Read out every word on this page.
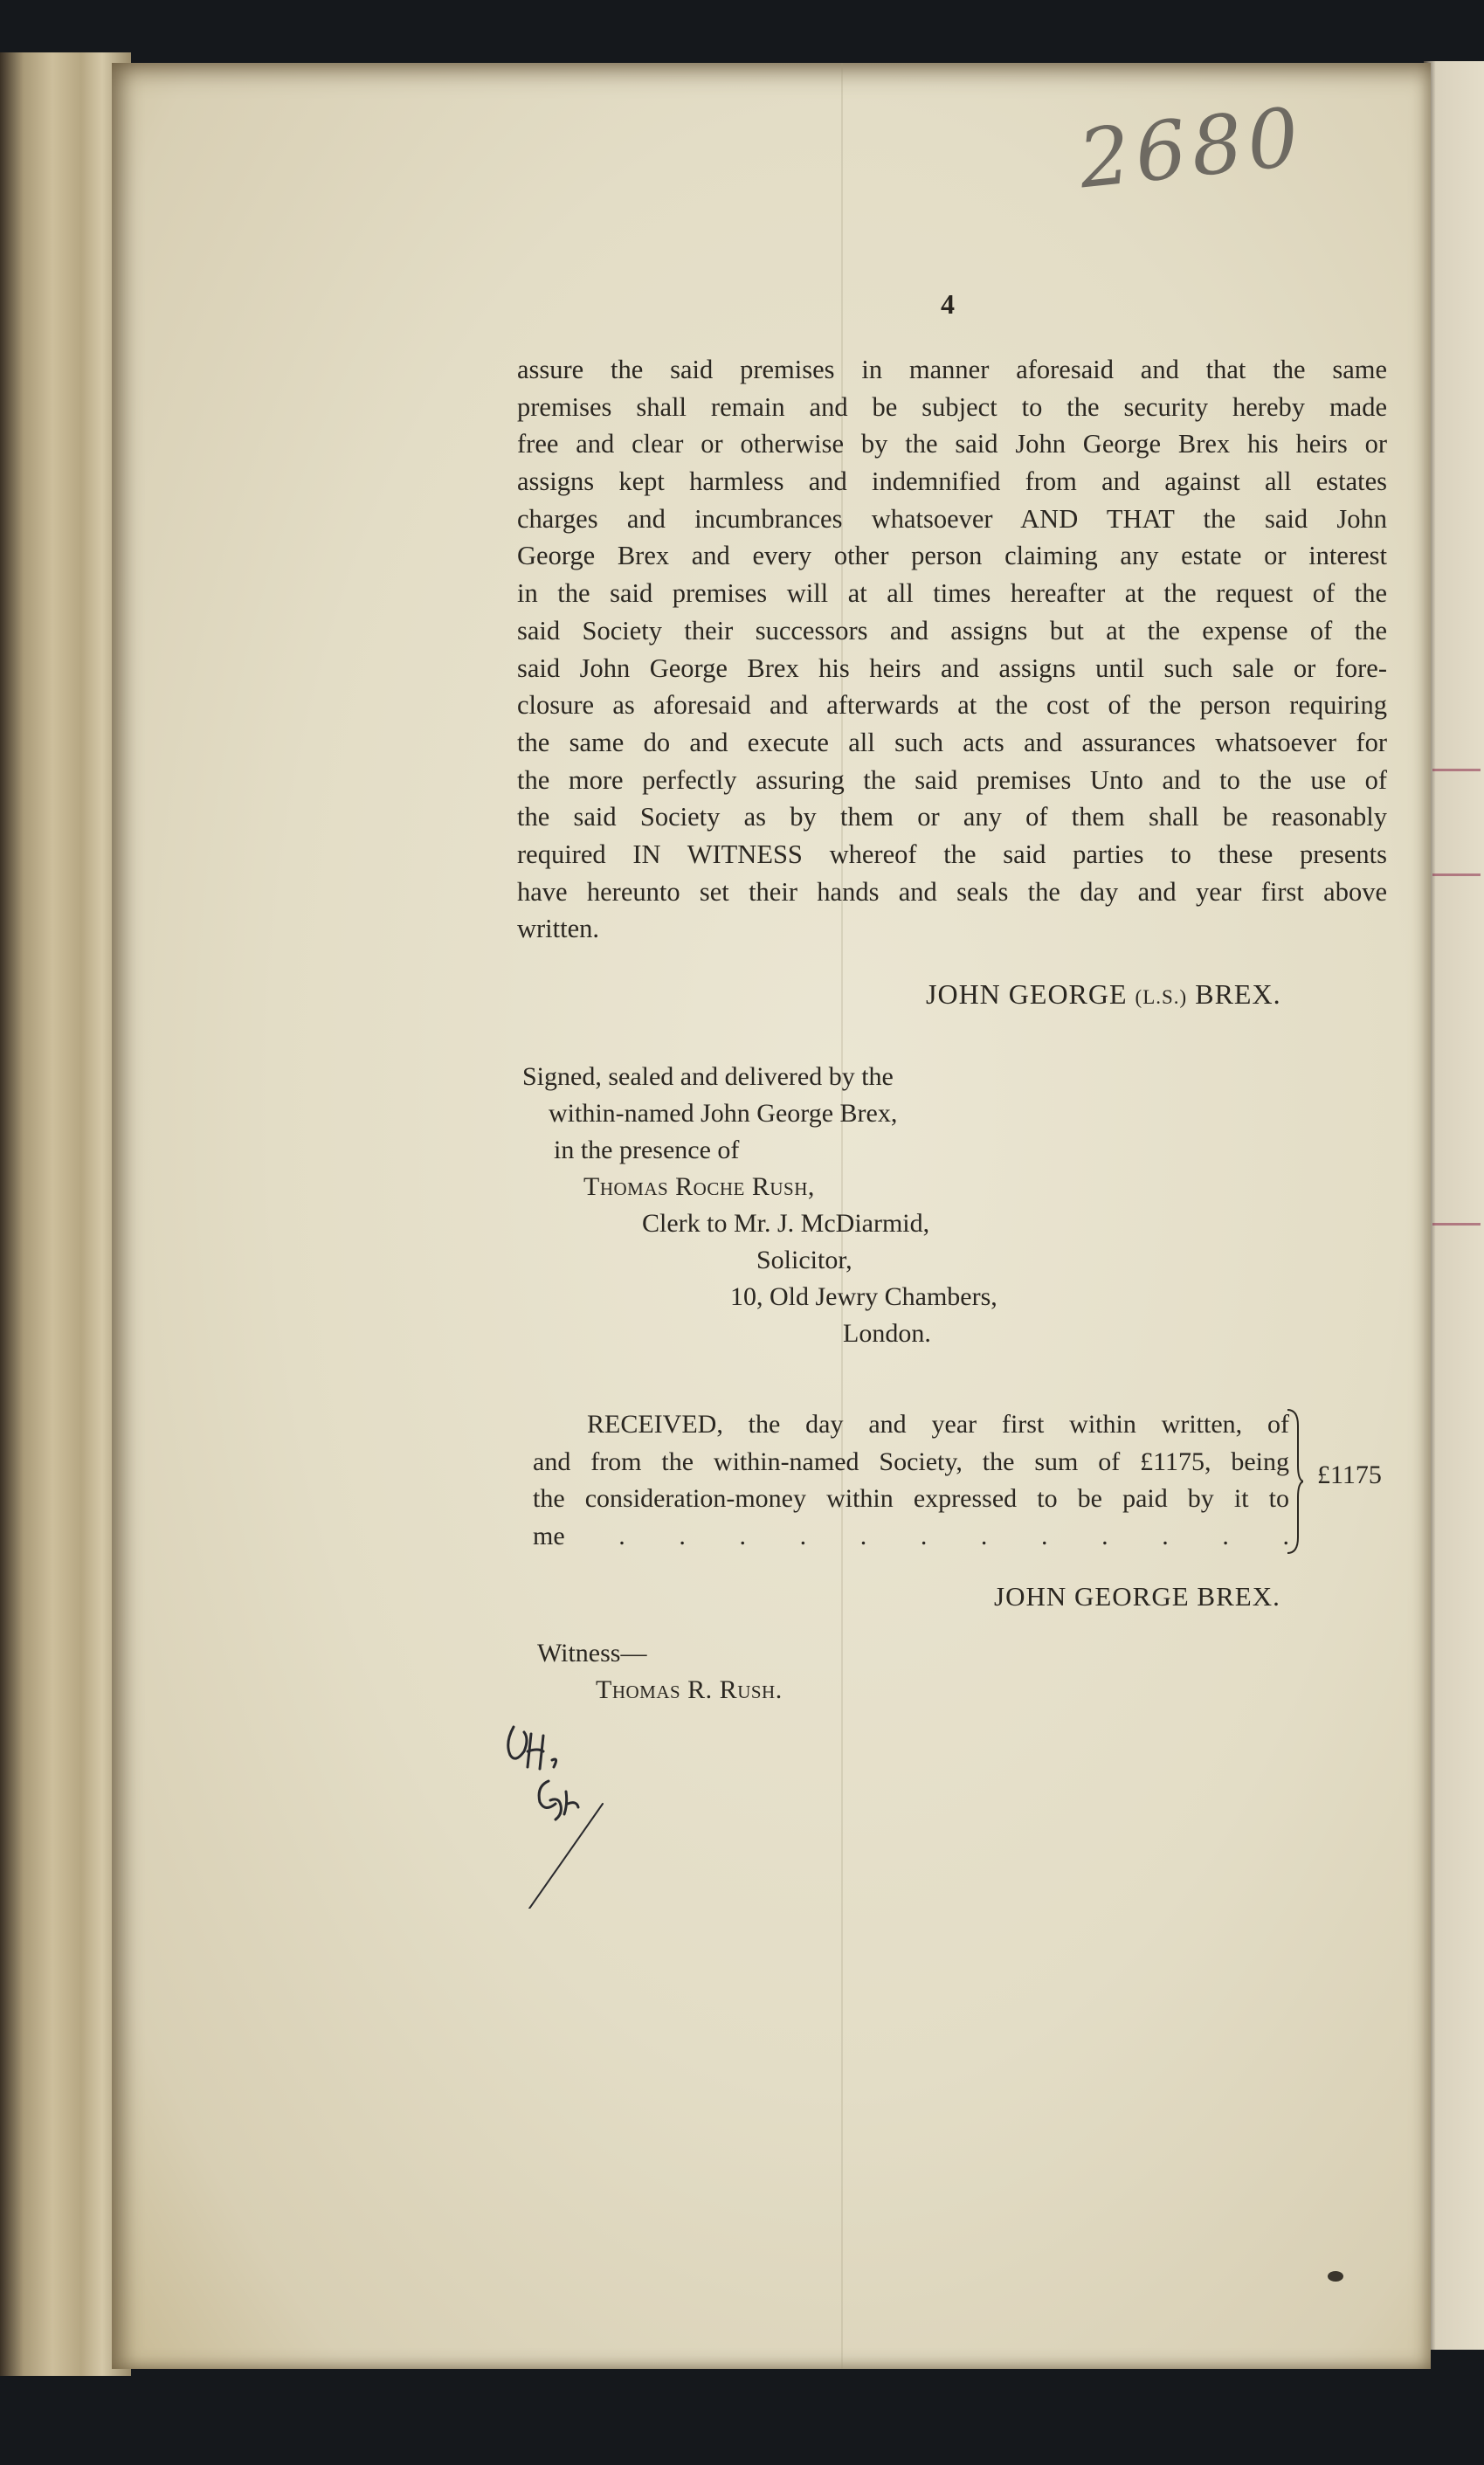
2680
4
assure the said premises in manner aforesaid and that the same
premises shall remain and be subject to the security hereby made
free and clear or otherwise by the said John George Brex his heirs or
assigns kept harmless and indemnified from and against all estates
charges and incumbrances whatsoever AND THAT the said John
George Brex and every other person claiming any estate or interest
in the said premises will at all times hereafter at the request of the
said Society their successors and assigns but at the expense of the
said John George Brex his heirs and assigns until such sale or fore-
closure as aforesaid and afterwards at the cost of the person requiring
the same do and execute all such acts and assurances whatsoever for
the more perfectly assuring the said premises Unto and to the use of
the said Society as by them or any of them shall be reasonably
required IN WITNESS whereof the said parties to these presents
have hereunto set their hands and seals the day and year first above
written.
JOHN GEORGE (L.S.) BREX.
Signed, sealed and delivered by the
within-named John George Brex,
in the presence of
Thomas Roche Rush,
Clerk to Mr. J. McDiarmid,
Solicitor,
10, Old Jewry Chambers,
London.
RECEIVED, the day and year first within written, of
and from the within-named Society, the sum of £1175, being
the consideration-money within expressed to be paid by it to
me . . . . . . . . . . . .
£1175
JOHN GEORGE BREX.
Witness—
Thomas R. Rush.
